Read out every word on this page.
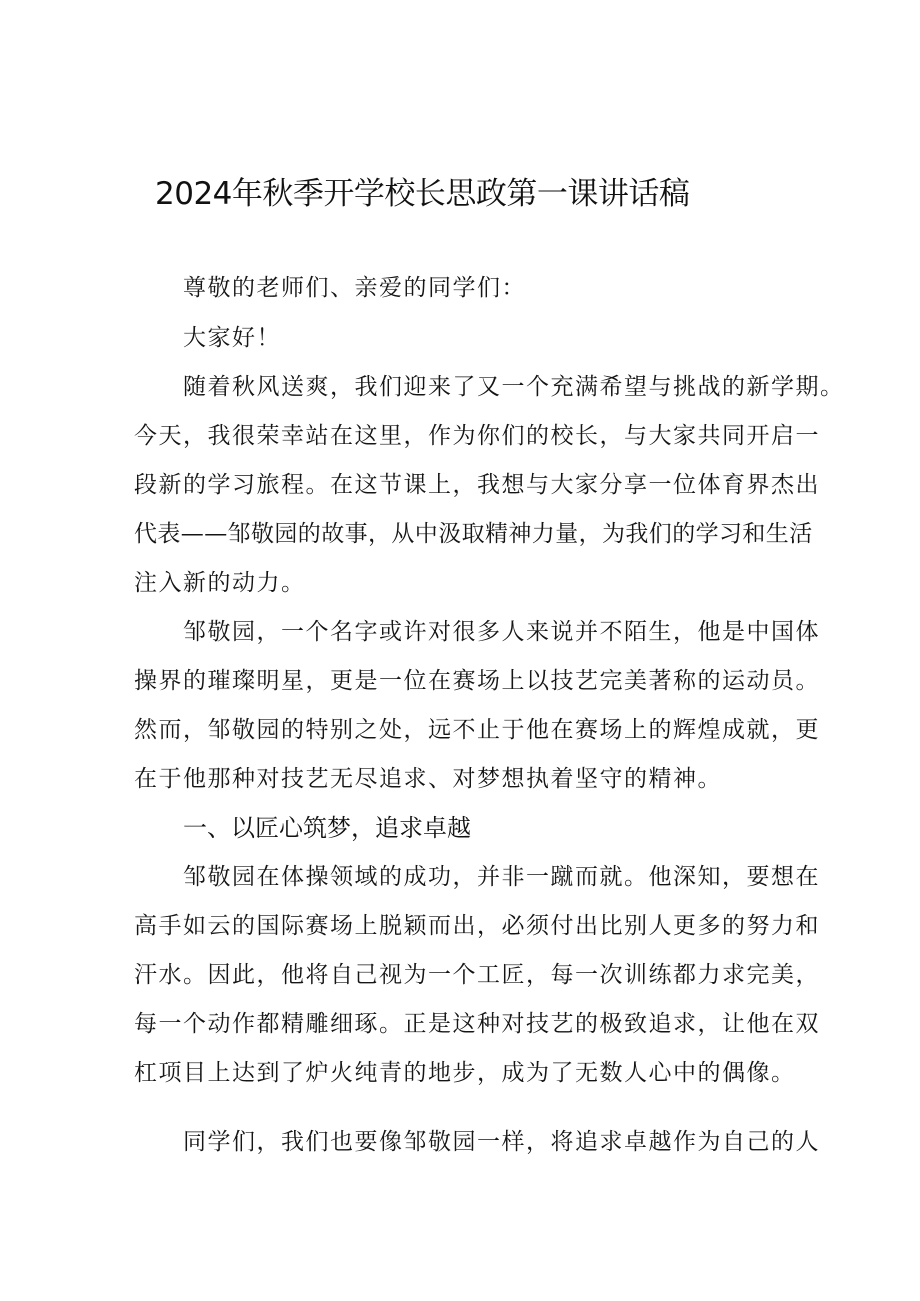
2024年秋季开学校长思政第一课讲话稿
尊敬的老师们、亲爱的同学们：
大家好！
随着秋风送爽，我们迎来了又一个充满希望与挑战的新学期。
今天，我很荣幸站在这里，作为你们的校长，与大家共同开启一
段新的学习旅程。在这节课上，我想与大家分享一位体育界杰出
代表——邹敬园的故事，从中汲取精神力量，为我们的学习和生活
注入新的动力。
邹敬园，一个名字或许对很多人来说并不陌生，他是中国体
操界的璀璨明星，更是一位在赛场上以技艺完美著称的运动员。
然而，邹敬园的特别之处，远不止于他在赛场上的辉煌成就，更
在于他那种对技艺无尽追求、对梦想执着坚守的精神。
一、以匠心筑梦，追求卓越
邹敬园在体操领域的成功，并非一蹴而就。他深知，要想在
高手如云的国际赛场上脱颖而出，必须付出比别人更多的努力和
汗水。因此，他将自己视为一个工匠，每一次训练都力求完美，
每一个动作都精雕细琢。正是这种对技艺的极致追求，让他在双
杠项目上达到了炉火纯青的地步，成为了无数人心中的偶像。
同学们，我们也要像邹敬园一样，将追求卓越作为自己的人
